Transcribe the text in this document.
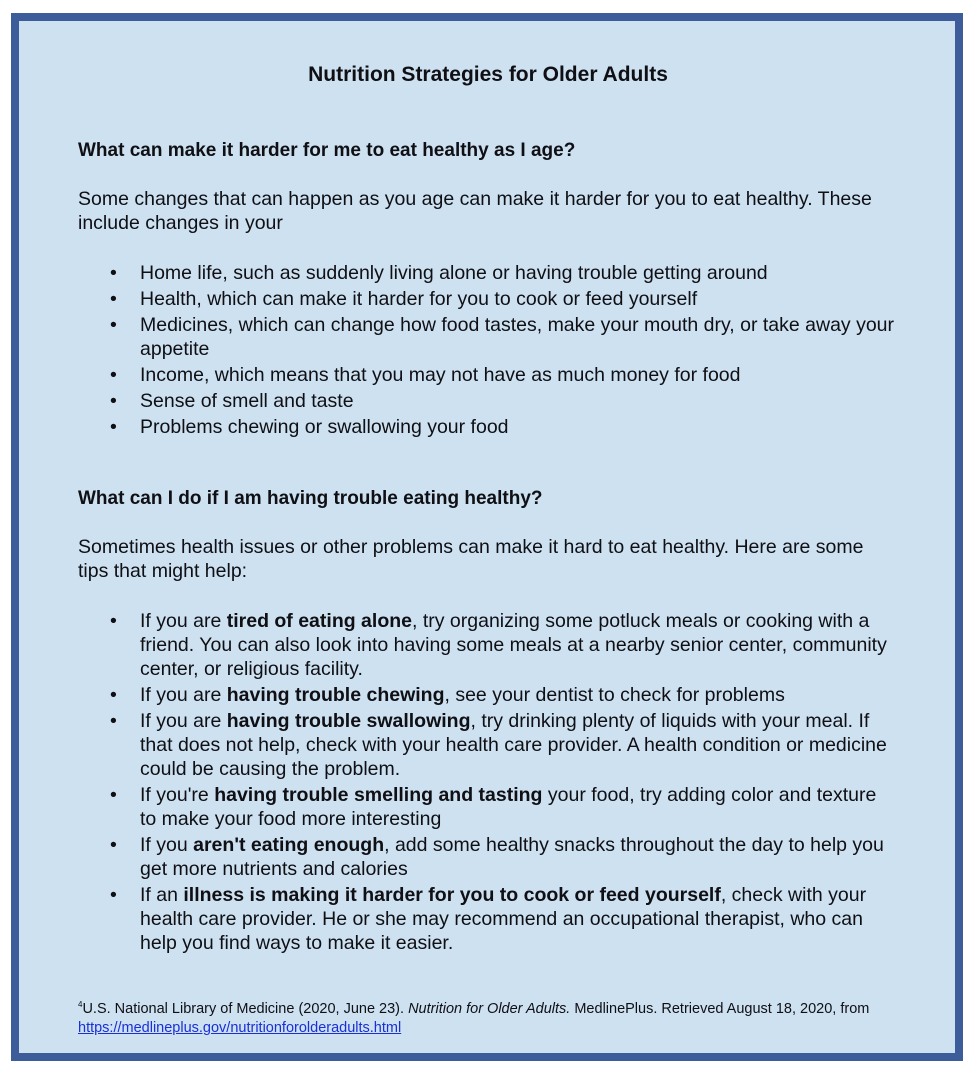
Nutrition Strategies for Older Adults
What can make it harder for me to eat healthy as I age?

Some changes that can happen as you age can make it harder for you to eat healthy. These include changes in your

• Home life, such as suddenly living alone or having trouble getting around
• Health, which can make it harder for you to cook or feed yourself
• Medicines, which can change how food tastes, make your mouth dry, or take away your appetite
• Income, which means that you may not have as much money for food
• Sense of smell and taste
• Problems chewing or swallowing your food
What can I do if I am having trouble eating healthy?

Sometimes health issues or other problems can make it hard to eat healthy. Here are some tips that might help:

• If you are tired of eating alone, try organizing some potluck meals or cooking with a friend. You can also look into having some meals at a nearby senior center, community center, or religious facility.
• If you are having trouble chewing, see your dentist to check for problems
• If you are having trouble swallowing, try drinking plenty of liquids with your meal. If that does not help, check with your health care provider. A health condition or medicine could be causing the problem.
• If you're having trouble smelling and tasting your food, try adding color and texture to make your food more interesting
• If you aren't eating enough, add some healthy snacks throughout the day to help you get more nutrients and calories
• If an illness is making it harder for you to cook or feed yourself, check with your health care provider. He or she may recommend an occupational therapist, who can help you find ways to make it easier.

$^4$U.S. National Library of Medicine (2020, June 23). Nutrition for Older Adults. MedlinePlus. Retrieved August 18, 2020, from https://medlineplus.gov/nutritionforolderadults.html
